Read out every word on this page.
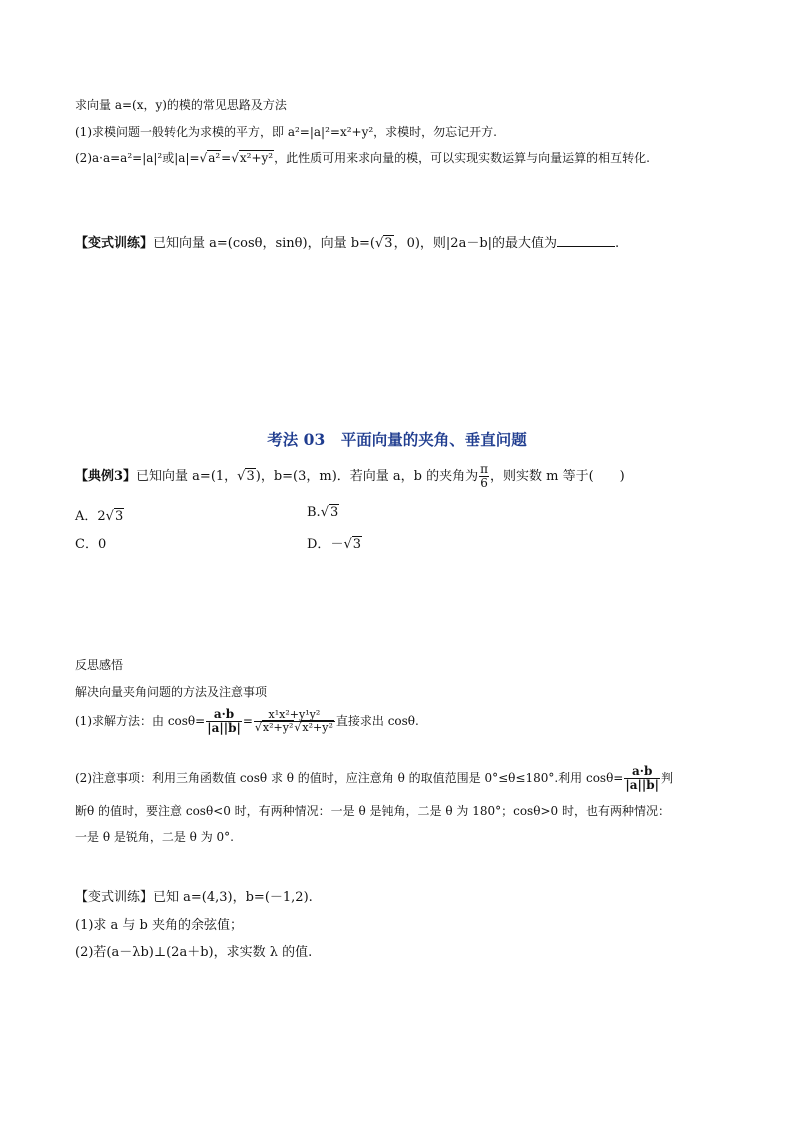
求向量 a=(x，y)的模的常见思路及方法
(1)求模问题一般转化为求模的平方，即 a²=|a|²=x²+y²，求模时，勿忘记开方.
(2)a·a=a²=|a|²或|a|=√a²=√x²+y²，此性质可用来求向量的模，可以实现实数运算与向量运算的相互转化.
【变式训练】已知向量 a=(cosθ，sinθ)，向量 b=(√3，0)，则|2a－b|的最大值为	.
考法 03　平面向量的夹角、垂直问题
【典例3】已知向量 a=(1，√3)，b=(3，m)．若向量 a，b 的夹角为 $\frac{\pi}{6}$ ，则实数 m 等于(　　)
A．2√3	B.√3
C．0	D．－√3
反思感悟
解决向量夹角问题的方法及注意事项
(1)求解方法：由 $\cos\theta= \frac{a\cdot b}{|a||b|} = \frac{\text{x¹x²+y¹y²}}{\text{√x²+y²√x²+y²}}$ 直接求出 cosθ.
(2)注意事项：利用三角函数值 cosθ 求 θ 的值时，应注意角 θ 的取值范围是 0°≤θ≤180°.利用 $\cos\theta= \frac{a\cdot b}{|a||b|}$ 判
断θ 的值时，要注意 cosθ<0 时，有两种情况：一是 θ 是钝角，二是 θ 为 180°；cosθ>0 时，也有两种情况：
一是 θ 是锐角，二是 θ 为 0°.
【变式训练】已知 a=(4,3)，b=(－1,2).
(1)求 a 与 b 夹角的余弦值；
(2)若(a－λb)⊥(2a＋b)，求实数 λ 的值.
